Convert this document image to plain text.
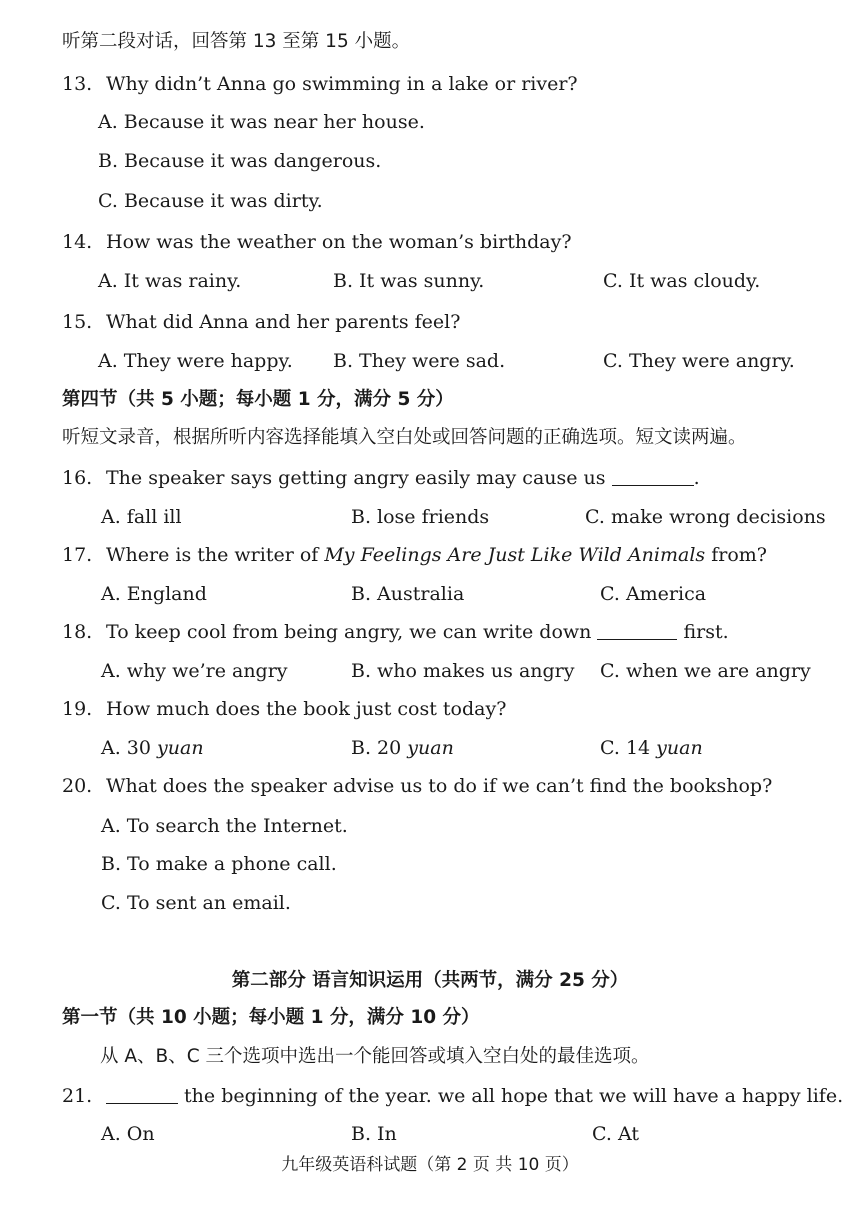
听第二段对话，回答第 13 至第 15 小题。
13. Why didn’t Anna go swimming in a lake or river?
A. Because it was near her house.
B. Because it was dangerous.
C. Because it was dirty.
14. How was the weather on the woman’s birthday?
A. It was rainy.	B. It was sunny.	C. It was cloudy.
15. What did Anna and her parents feel?
A. They were happy. B. They were sad.	C. They were angry.
第四节（共 5 小题；每小题 1 分，满分 5 分）
听短文录音，根据所听内容选择能填入空白处或回答问题的正确选项。短文读两遍。
16. The speaker says getting angry easily may cause us	.
A. fall ill	B. lose friends	C. make wrong decisions
17. Where is the writer of My Feelings Are Just Like Wild Animals from?
A. England	B. Australia	C. America
18. To keep cool from being angry, we can write down	first.
A. why we’re angry	B. who makes us angry C. when we are angry
19. How much does the book just cost today?
A. 30 yuan	B. 20 yuan	C. 14 yuan
20. What does the speaker advise us to do if we can’t find the bookshop?
A. To search the Internet.
B. To make a phone call.
C. To sent an email.
第二部分 语言知识运用（共两节，满分 25 分）
第一节（共 10 小题；每小题 1 分，满分 10 分）
从 A、B、C 三个选项中选出一个能回答或填入空白处的最佳选项。
21.	the beginning of the year. we all hope that we will have a happy life.
A. On	B. In	C. At
九年级英语科试题（第 2 页 共 10 页）
